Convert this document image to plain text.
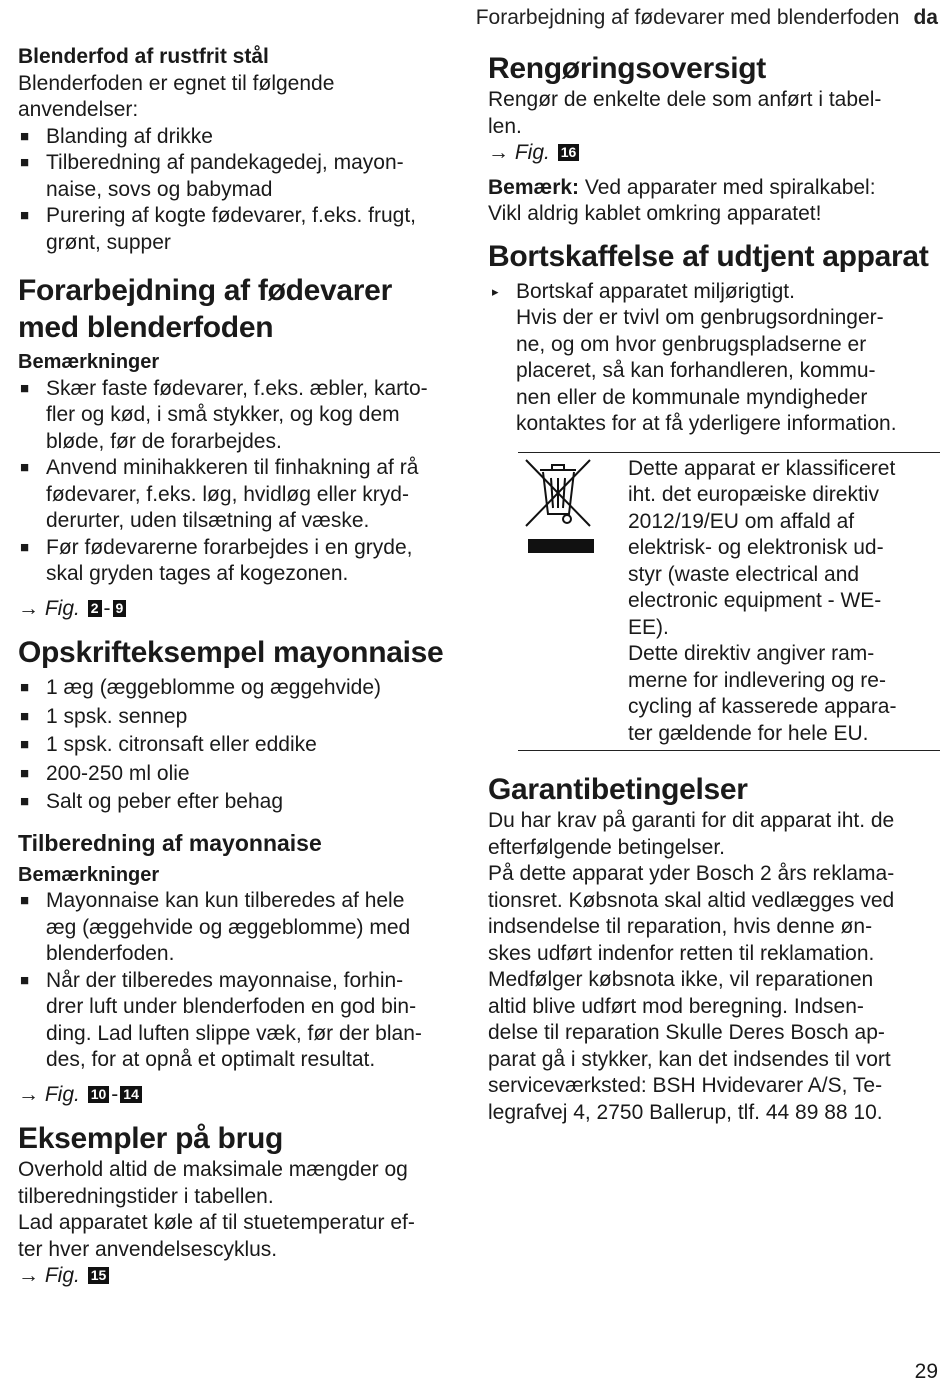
Forarbejdning af fødevarer med blenderfoden da
Blenderfod af rustfrit stål

Blenderfoden er egnet til følgende

anvendelser:

■ Blanding af drikke
■ Tilberedning af pandekagedej, mayon-
naise, sovs og babymad
■ Purering af kogte fødevarer, f.eks. frugt,
grønt, supper
Forarbejdning af fødevarer
med blenderfoden

Bemærkninger

■ Skær faste fødevarer, f.eks. æbler, karto-
fler og kød, i små stykker, og kog dem
bløde, før de forarbejdes.
■ Anvend minihakkeren til finhakning af rå
fødevarer, f.eks. løg, hvidløg eller kryd-
derurter, uden tilsætning af væske.
■ Før fødevarerne forarbejdes i en gryde,
skal gryden tages af kogezonen.

→ Fig. 2 - 9

Opskrifteksempel mayonnaise
■ 1 æg (æggeblomme og æggehvide)
■ 1 spsk. sennep
■ 1 spsk. citronsaft eller eddike
■ 200-250 ml olie
■ Salt og peber efter behag
Tilberedning af mayonnaise

Bemærkninger

■ Mayonnaise kan kun tilberedes af hele
æg (æggehvide og æggeblomme) med
blenderfoden.
■ Når der tilberedes mayonnaise, forhin-
drer luft under blenderfoden en god bin-
ding. Lad luften slippe væk, før der blan-
des, for at opnå et optimalt resultat.

→ Fig. 10 - 14

Eksempler på brug

Overhold altid de maksimale mængder og

tilberedningstider i tabellen.

Lad apparatet køle af til stuetemperatur ef-

ter hver anvendelsescyklus.

→ Fig. 15

Rengøringsoversigt

Rengør de enkelte dele som anført i tabel-

len.

→ Fig. 16

Bemærk: Ved apparater med spiralkabel:

Vikl aldrig kablet omkring apparatet!

Bortskaffelse af udtjent apparat
▸ Bortskaf apparatet miljørigtigt.

Hvis der er tvivl om genbrugsordninger-

ne, og om hvor genbrugspladserne er

placeret, så kan forhandleren, kommu-

nen eller de kommunale myndigheder

kontaktes for at få yderligere information.

Dette apparat er klassificeret

iht. det europæiske direktiv

2012/19/EU om affald af

elektrisk- og elektronisk ud-

styr (waste electrical and

electronic equipment - WE-

EE).

Dette direktiv angiver ram-

merne for indlevering og re-

cycling af kasserede appara-

ter gældende for hele EU.

Garantibetingelser

Du har krav på garanti for dit apparat iht. de

efterfølgende betingelser.

På dette apparat yder Bosch 2 års reklama-

tionsret. Købsnota skal altid vedlægges ved

indsendelse til reparation, hvis denne øn-

skes udført indenfor retten til reklamation.

Medfølger købsnota ikke, vil reparationen

altid blive udført mod beregning. Indsen-

delse til reparation Skulle Deres Bosch ap-

parat gå i stykker, kan det indsendes til vort

serviceværksted: BSH Hvidevarer A/S, Te-

legrafvej 4, 2750 Ballerup, tlf. 44 89 88 10.

29
